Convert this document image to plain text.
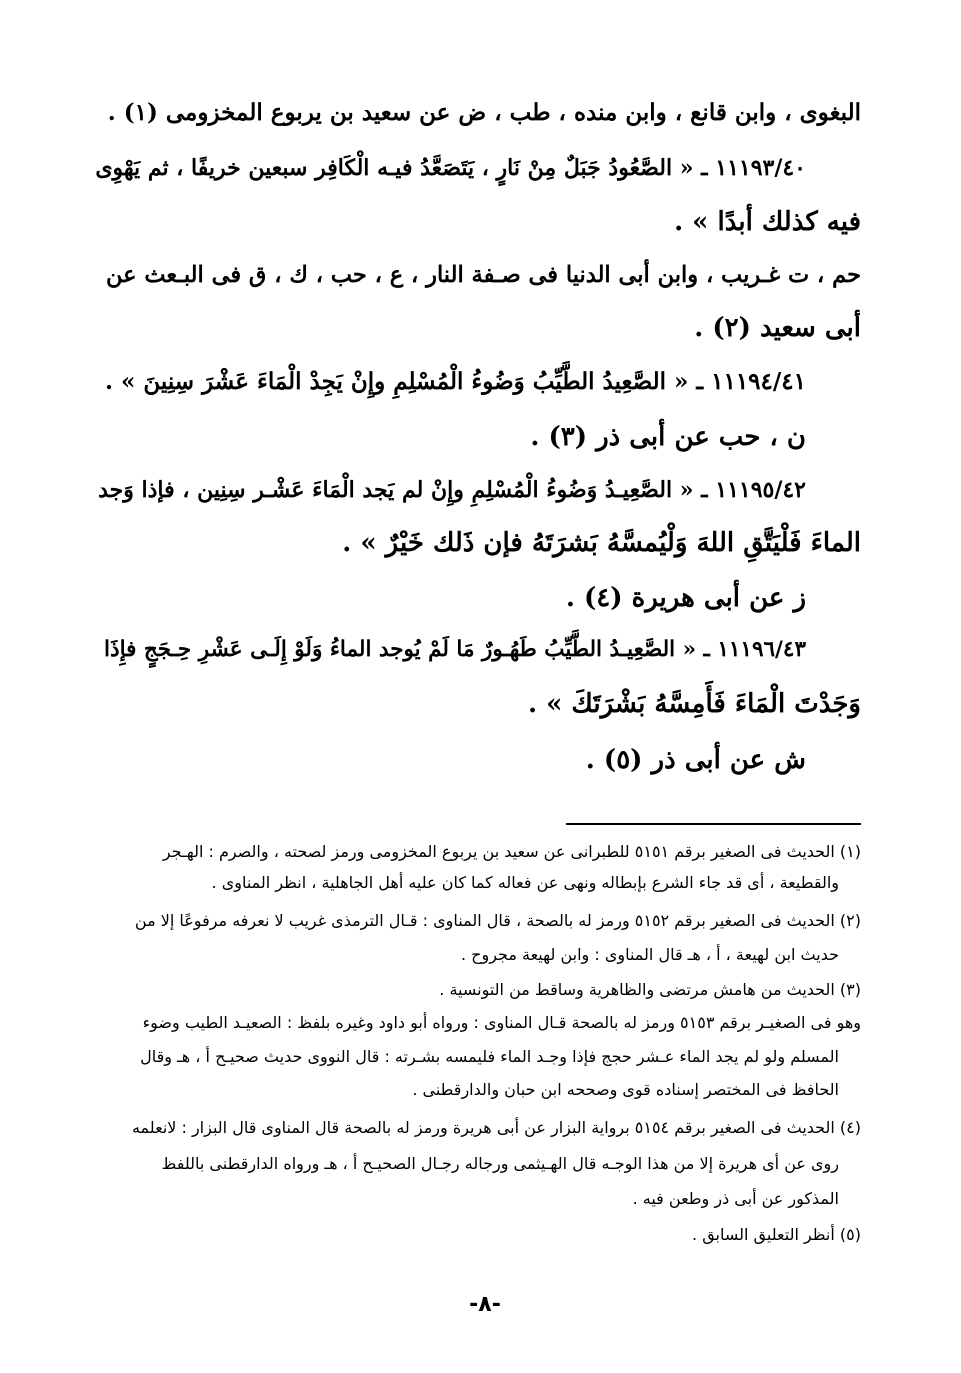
البغوى ، وابن قانع ، وابن منده ، طب ، ض عن سعيد بن يربوع المخزومى (١) .
١١١٩٣/٤٠ ـ « الصَّعُودُ جَبَلٌ مِنْ نَارٍ ، يَتَصَعَّدُ فيـه الْكَافِر سبعين خريفًا ، ثم يَهْوِى
فيه كذلك أبدًا » .
حم ، ت غـريب ، وابن أبى الدنيا فى صـفة النار ، ع ، حب ، ك ، ق فى البـعث عن
أبى سعيد (٢) .
١١١٩٤/٤١ ـ « الصَّعِيدُ الطَّيِّبُ وَضُوءُ الْمُسْلِمِ وإِنْ يَجِدْ الْمَاءَ عَشْرَ سِنِينَ » .
ن ، حب عن أبى ذر (٣) .
١١١٩٥/٤٢ ـ « الصَّعِيـدُ وَضُوءُ الْمُسْلِمِ وإِنْ لم يَجد الْمَاءَ عَشْـر سِنِين ، فإذا وَجد
الماءَ فَلْيَتَّقِ اللهَ وَلْيُمسَّهُ بَشرَتَهُ فإن ذَلك خَيْرٌ » .
ز عن أبى هريرة (٤) .
١١١٩٦/٤٣ ـ « الصَّعِيـدُ الطَّيِّبُ طَهُـورٌ مَا لَمْ يُوجد الماءُ وَلَوْ إِلَـى عَشْرِ حِـجَجٍ فإِذَا
وَجَدْتَ الْمَاءَ فَأَمِسَّهُ بَشْرَتَكَ » .
ش عن أبى ذر (٥) .
(١) الحديث فى الصغير برقم ٥١٥١ للطبرانى عن سعيد بن يربوع المخزومى ورمز لصحته ، والصرم : الهـجر
والقطيعة ، أى قد جاء الشرع بإبطاله ونهى عن فعاله كما كان عليه أهل الجاهلية ، انظر المناوى .
(٢) الحديث فى الصغير برقم ٥١٥٢ ورمز له بالصحة ، قال المناوى : قـال الترمذى غريب لا نعرفه مرفوعًا إلا من
حديث ابن لهيعة ، أ ، هـ قال المناوى : وابن لهيعة مجروح .
(٣) الحديث من هامش مرتضى والظاهرية وساقط من التونسية .
وهو فى الصغيـر برقم ٥١٥٣ ورمز له بالصحة قـال المناوى : ورواه أبو داود وغيره بلفظ : الصعيـد الطيب وضوء
المسلم ولو لم يجد الماء عـشر حجج فإذا وجـد الماء فليمسه بشـرته : قال النووى حديث صحيـح أ ، هـ وقال
الحافظ فى المختصر إسناده قوى وصححه ابن حبان والدارقطنى .
(٤) الحديث فى الصغير برقم ٥١٥٤ برواية البزار عن أبى هريرة ورمز له بالصحة قال المناوى قال البزار : لانعلمه
روى عن أى هريرة إلا من هذا الوجـه قال الهـيثمى ورجاله رجـال الصحيـح أ ، هـ ورواه الدارقطنى باللفظ
المذكور عن أبى ذر وطعن فيه .
(٥) أنظر التعليق السابق .
-٨-
